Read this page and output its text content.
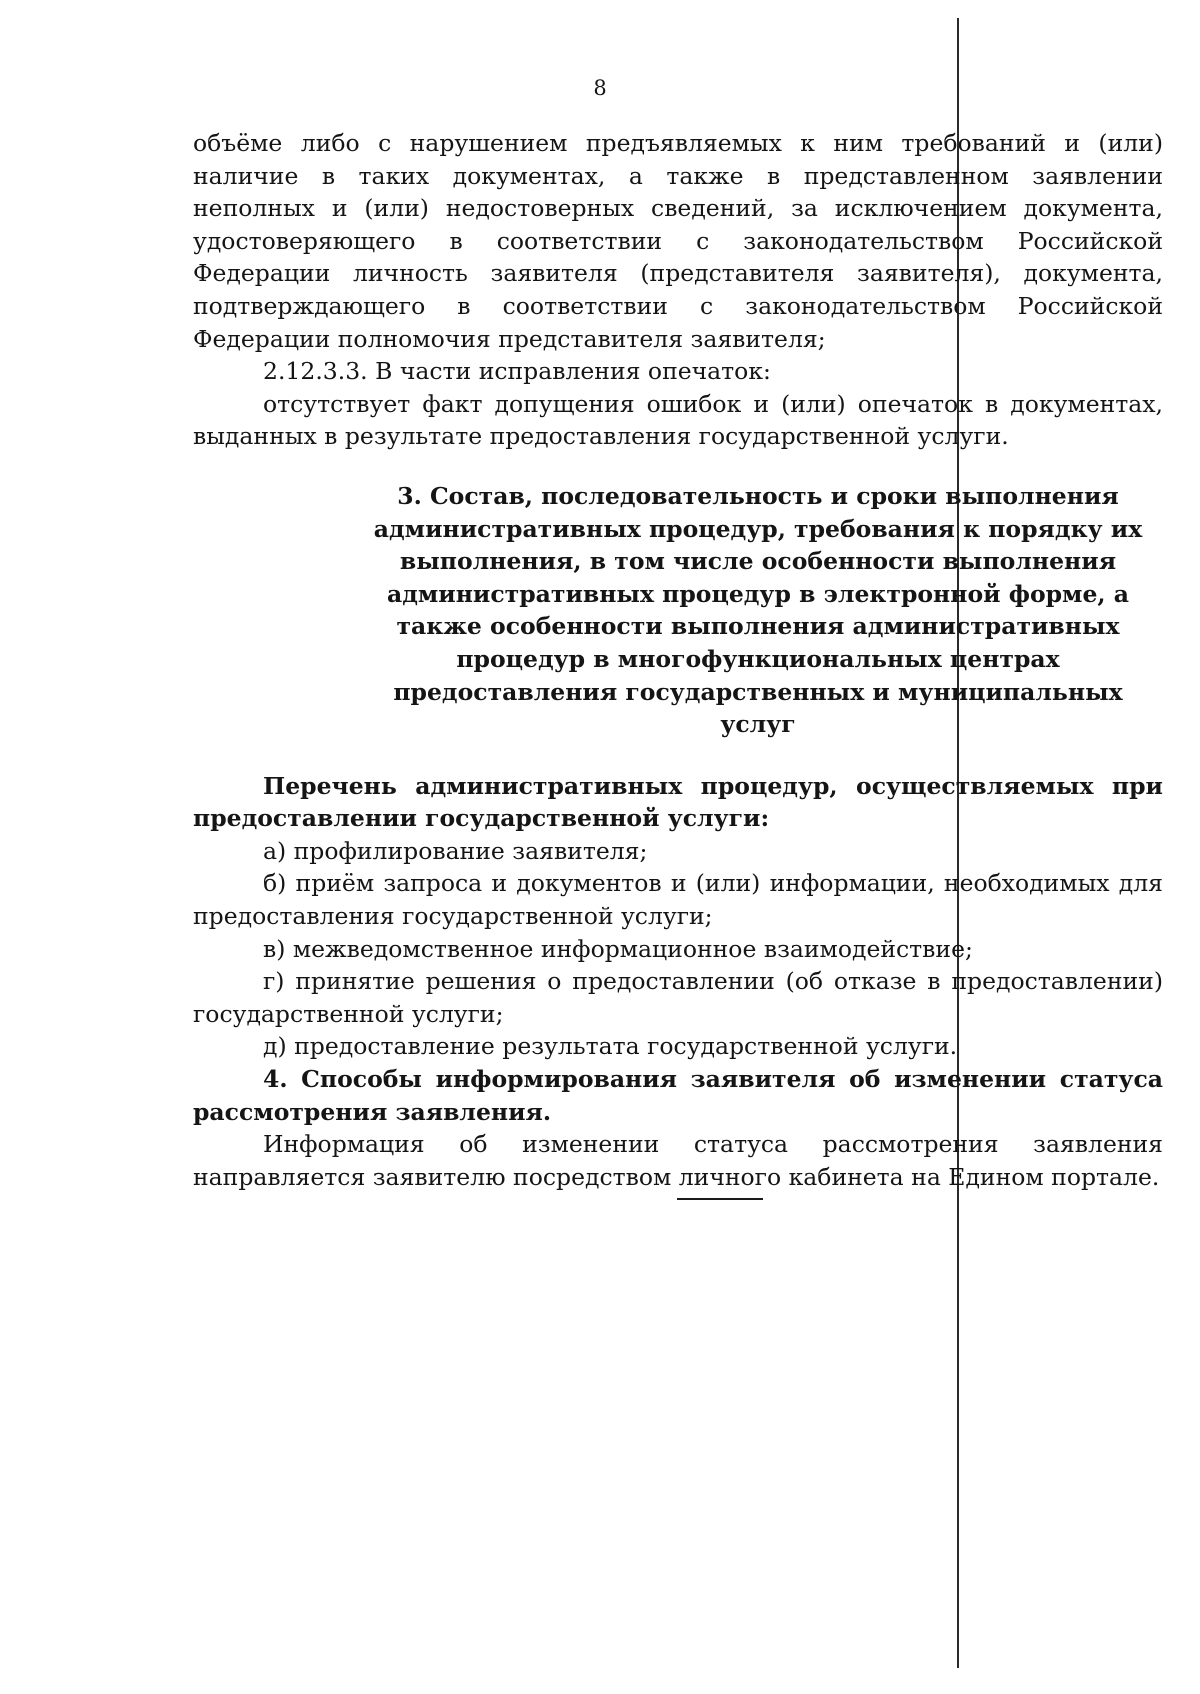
8

объёме либо с нарушением предъявляемых к ним требований и (или) наличие в таких документах, а также в представленном заявлении неполных и (или) недостоверных сведений, за исключением документа, удостоверяющего в соответствии с законодательством Российской Федерации личность заявителя (представителя заявителя), документа, подтверждающего в соответствии с законодательством Российской Федерации полномочия представителя заявителя;

2.12.3.3. В части исправления опечаток:

отсутствует факт допущения ошибок и (или) опечаток в документах, выданных в результате предоставления государственной услуги.

3. Состав, последовательность и сроки выполнения административных процедур, требования к порядку их выполнения, в том числе особенности выполнения административных процедур в электронной форме, а также особенности выполнения административных процедур в многофункциональных центрах предоставления государственных и муниципальных услуг

Перечень административных процедур, осуществляемых при предоставлении государственной услуги:

а) профилирование заявителя;

б) приём запроса и документов и (или) информации, необходимых для предоставления государственной услуги;

в) межведомственное информационное взаимодействие;

г) принятие решения о предоставлении (об отказе в предоставлении) государственной услуги;

д) предоставление результата государственной услуги.

4. Способы информирования заявителя об изменении статуса рассмотрения заявления.

Информация об изменении статуса рассмотрения заявления направляется заявителю посредством личного кабинета на Едином портале.
